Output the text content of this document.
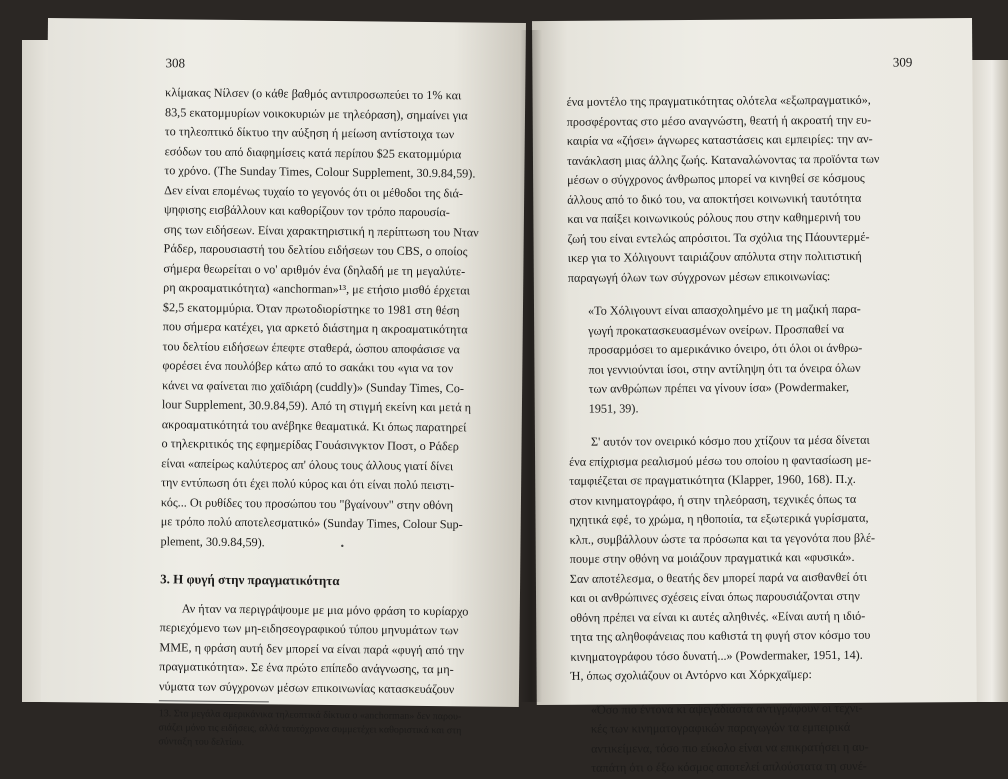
308
κλίμακας Νίλσεν (ο κάθε βαθμός αντιπροσωπεύει το 1% και
83,5 εκατομμυρίων νοικοκυριών με τηλεόραση), σημαίνει για
το τηλεοπτικό δίκτυο την αύξηση ή μείωση αντίστοιχα των
εσόδων του από διαφημίσεις κατά περίπου $25 εκατομμύρια
το χρόνο. (The Sunday Times, Colour Supplement, 30.9.84,59).
Δεν είναι επομένως τυχαίο το γεγονός ότι οι μέθοδοι της διά-
ψηφισης εισβάλλουν και καθορίζουν τον τρόπο παρουσία-
σης των ειδήσεων. Είναι χαρακτηριστική η περίπτωση του Νταν
Ράδερ, παρουσιαστή του δελτίου ειδήσεων του CBS, ο οποίος
σήμερα θεωρείται ο νο' αριθμόν ένα (δηλαδή με τη μεγαλύτε-
ρη ακροαματικότητα) «anchorman»¹³, με ετήσιο μισθό έρχεται
$2,5 εκατομμύρια. Όταν πρωτοδιορίστηκε το 1981 στη θέση
που σήμερα κατέχει, για αρκετό διάστημα η ακροαματικότητα
του δελτίου ειδήσεων έπεφτε σταθερά, ώσπου αποφάσισε να
φορέσει ένα πουλόβερ κάτω από το σακάκι του «για να τον
κάνει να φαίνεται πιο χαϊδιάρη (cuddly)» (Sunday Times, Co-
lour Supplement, 30.9.84,59). Από τη στιγμή εκείνη και μετά η
ακροαματικότητά του ανέβηκε θεαματικά. Κι όπως παρατηρεί
ο τηλεκριτικός της εφημερίδας Γουάσινγκτον Ποστ, ο Ράδερ
είναι «απείρως καλύτερος απ' όλους τους άλλους γιατί δίνει
την εντύπωση ότι έχει πολύ κύρος και ότι είναι πολύ πειστι-
κός... Οι ρυθίδες του προσώπου του "βγαίνουν" στην οθόνη
με τρόπο πολύ αποτελεσματικό» (Sunday Times, Colour Sup-
plement, 30.9.84,59).
3. Η φυγή στην πραγματικότητα
Αν ήταν να περιγράψουμε με μια μόνο φράση το κυρίαρχο
περιεχόμενο των μη-ειδησεογραφικού τύπου μηνυμάτων των
ΜΜΕ, η φράση αυτή δεν μπορεί να είναι παρά «φυγή από την
πραγματικότητα». Σε ένα πρώτο επίπεδο ανάγνωσης, τα μη-
νύματα των σύγχρονων μέσων επικοινωνίας κατασκευάζουν
13. Στα μεγάλα αμερικάνικα τηλεοπτικά δίκτυα ο «anchorman» δεν παρου-
σιάζει μόνο τις ειδήσεις, αλλά ταυτόχρονα συμμετέχει καθοριστικά και στη
σύνταξη του δελτίου.
•
309
ένα μοντέλο της πραγματικότητας ολότελα «εξωπραγματικό»,
προσφέροντας στο μέσο αναγνώστη, θεατή ή ακροατή την ευ-
καιρία να «ζήσει» άγνωρες καταστάσεις και εμπειρίες: την αν-
τανάκλαση μιας άλλης ζωής. Καταναλώνοντας τα προϊόντα των
μέσων ο σύγχρονος άνθρωπος μπορεί να κινηθεί σε κόσμους
άλλους από το δικό του, να αποκτήσει κοινωνική ταυτότητα
και να παίξει κοινωνικούς ρόλους που στην καθημερινή του
ζωή του είναι εντελώς απρόσιτοι. Τα σχόλια της Πάουντερμέ-
ικερ για το Χόλιγουντ ταιριάζουν απόλυτα στην πολιτιστική
παραγωγή όλων των σύγχρονων μέσων επικοινωνίας:
«Το Χόλιγουντ είναι απασχολημένο με τη μαζική παρα-
γωγή προκατασκευασμένων ονείρων. Προσπαθεί να
προσαρμόσει το αμερικάνικο όνειρο, ότι όλοι οι άνθρω-
ποι γεννιούνται ίσοι, στην αντίληψη ότι τα όνειρα όλων
των ανθρώπων πρέπει να γίνουν ίσα» (Powdermaker,
1951, 39).
Σ' αυτόν τον ονειρικό κόσμο που χτίζουν τα μέσα δίνεται
ένα επίχρισμα ρεαλισμού μέσω του οποίου η φαντασίωση με-
ταμφιέζεται σε πραγματικότητα (Klapper, 1960, 168). Π.χ.
στον κινηματογράφο, ή στην τηλεόραση, τεχνικές όπως τα
ηχητικά εφέ, το χρώμα, η ηθοποιία, τα εξωτερικά γυρίσματα,
κλπ., συμβάλλουν ώστε τα πρόσωπα και τα γεγονότα που βλέ-
πουμε στην οθόνη να μοιάζουν πραγματικά και «φυσικά».
Σαν αποτέλεσμα, ο θεατής δεν μπορεί παρά να αισθανθεί ότι
και οι ανθρώπινες σχέσεις είναι όπως παρουσιάζονται στην
οθόνη πρέπει να είναι κι αυτές αληθινές. «Είναι αυτή η ιδιό-
τητα της αληθοφάνειας που καθιστά τη φυγή στον κόσμο του
κινηματογράφου τόσο δυνατή...» (Powdermaker, 1951, 14).
Ή, όπως σχολιάζουν οι Αντόρνο και Χόρκχαϊμερ:
«Όσο πιο έντονα κι αψεγάδιαστα αντιγράφουν οι τεχνι-
κές των κινηματογραφικών παραγωγών τα εμπειρικά
αντικείμενα, τόσο πιο εύκολο είναι να επικρατήσει η αυ-
ταπάτη ότι ο έξω κόσμος αποτελεί απλούστατα τη συνέ-
